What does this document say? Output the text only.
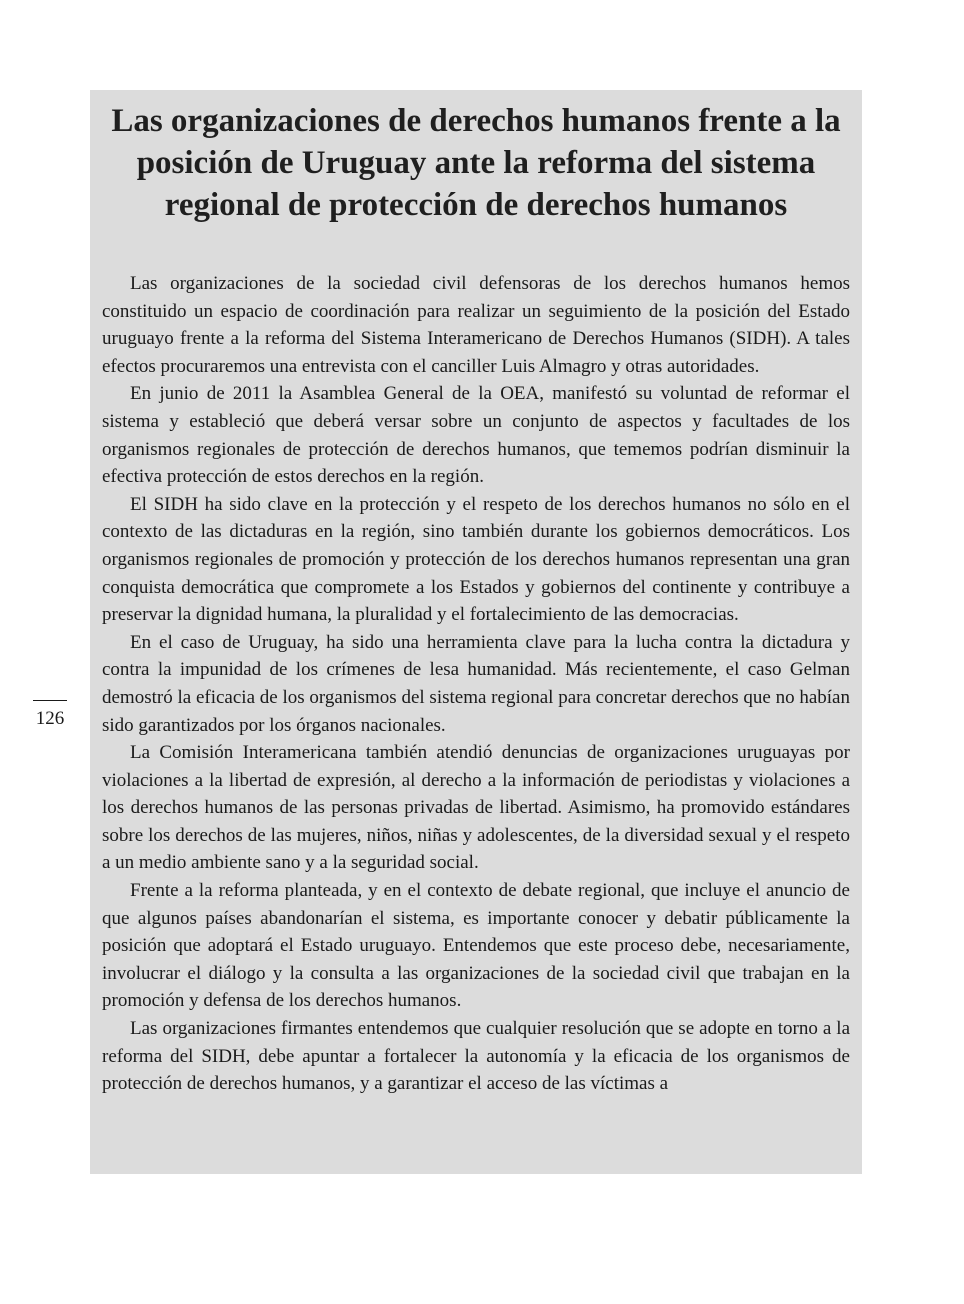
Las organizaciones de derechos humanos frente a la posición de Uruguay ante la reforma del sistema regional de protección de derechos humanos

Las organizaciones de la sociedad civil defensoras de los derechos humanos hemos constituido un espacio de coordinación para realizar un seguimiento de la posición del Estado uruguayo frente a la reforma del Sistema Interamericano de Derechos Humanos (SIDH). A tales efectos procuraremos una entrevista con el canciller Luis Almagro y otras autoridades.

En junio de 2011 la Asamblea General de la OEA, manifestó su voluntad de reformar el sistema y estableció que deberá versar sobre un conjunto de aspectos y facultades de los organismos regionales de protección de derechos humanos, que tememos podrían disminuir la efectiva protección de estos derechos en la región.

El SIDH ha sido clave en la protección y el respeto de los derechos humanos no sólo en el contexto de las dictaduras en la región, sino también durante los gobiernos democráticos. Los organismos regionales de promoción y protección de los derechos humanos representan una gran conquista democrática que compromete a los Estados y gobiernos del continente y contribuye a preservar la dignidad humana, la pluralidad y el fortalecimiento de las democracias.

En el caso de Uruguay, ha sido una herramienta clave para la lucha contra la dictadura y contra la impunidad de los crímenes de lesa humanidad. Más recientemente, el caso Gelman demostró la eficacia de los organismos del sistema regional para concretar derechos que no habían sido garantizados por los órganos nacionales.

La Comisión Interamericana también atendió denuncias de organizaciones uruguayas por violaciones a la libertad de expresión, al derecho a la información de periodistas y violaciones a los derechos humanos de las personas privadas de libertad. Asimismo, ha promovido estándares sobre los derechos de las mujeres, niños, niñas y adolescentes, de la diversidad sexual y el respeto a un medio ambiente sano y a la seguridad social.

Frente a la reforma planteada, y en el contexto de debate regional, que incluye el anuncio de que algunos países abandonarían el sistema, es importante conocer y debatir públicamente la posición que adoptará el Estado uruguayo. Entendemos que este proceso debe, necesariamente, involucrar el diálogo y la consulta a las organizaciones de la sociedad civil que trabajan en la promoción y defensa de los derechos humanos.

Las organizaciones firmantes entendemos que cualquier resolución que se adopte en torno a la reforma del SIDH, debe apuntar a fortalecer la autonomía y la eficacia de los organismos de protección de derechos humanos, y a garantizar el acceso de las víctimas a

126
